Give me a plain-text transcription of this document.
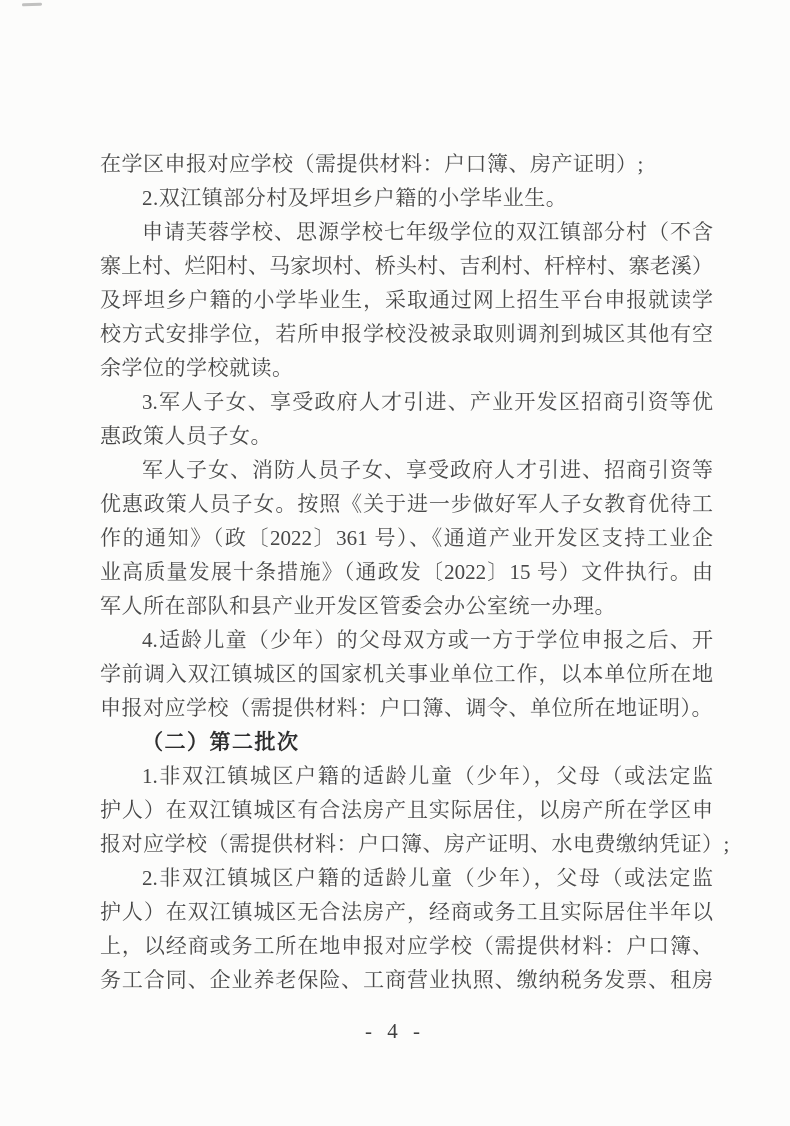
在学区申报对应学校（需提供材料：户口簿、房产证明）;
2.双江镇部分村及坪坦乡户籍的小学毕业生。
申请芙蓉学校、思源学校七年级学位的双江镇部分村（不含
寨上村、烂阳村、马家坝村、桥头村、吉利村、杆梓村、寨老溪）
及坪坦乡户籍的小学毕业生，采取通过网上招生平台申报就读学
校方式安排学位，若所申报学校没被录取则调剂到城区其他有空
余学位的学校就读。
3.军人子女、享受政府人才引进、产业开发区招商引资等优
惠政策人员子女。
军人子女、消防人员子女、享受政府人才引进、招商引资等
优惠政策人员子女。按照《关于进一步做好军人子女教育优待工
作的通知》（政〔2022〕361 号）、《通道产业开发区支持工业企
业高质量发展十条措施》（通政发〔2022〕15 号）文件执行。由
军人所在部队和县产业开发区管委会办公室统一办理。
4.适龄儿童（少年）的父母双方或一方于学位申报之后、开
学前调入双江镇城区的国家机关事业单位工作，以本单位所在地
申报对应学校（需提供材料：户口簿、调令、单位所在地证明）。
（二）第二批次
1.非双江镇城区户籍的适龄儿童（少年），父母（或法定监
护人）在双江镇城区有合法房产且实际居住，以房产所在学区申
报对应学校（需提供材料：户口簿、房产证明、水电费缴纳凭证）;
2.非双江镇城区户籍的适龄儿童（少年），父母（或法定监
护人）在双江镇城区无合法房产，经商或务工且实际居住半年以
上，以经商或务工所在地申报对应学校（需提供材料：户口簿、
务工合同、企业养老保险、工商营业执照、缴纳税务发票、租房
- 4 -
